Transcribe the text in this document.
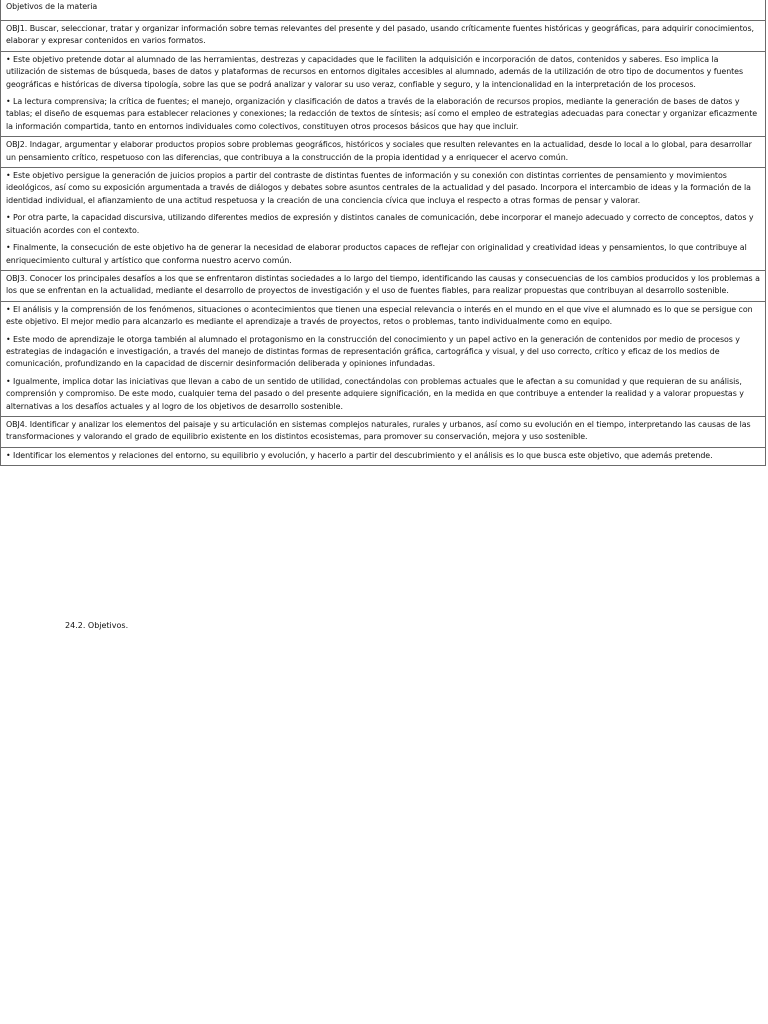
Objetivos de la materia

OBJ1. Buscar, seleccionar, tratar y organizar información sobre temas relevantes del presente y del pasado, usando críticamente fuentes históricas y geográficas, para adquirir conocimientos, elaborar y expresar contenidos en varios formatos.

• Este objetivo pretende dotar al alumnado de las herramientas, destrezas y capacidades que le faciliten la adquisición e incorporación de datos, contenidos y saberes. Eso implica la utilización de sistemas de búsqueda, bases de datos y plataformas de recursos en entornos digitales accesibles al alumnado, además de la utilización de otro tipo de documentos y fuentes geográficas e históricas de diversa tipología, sobre las que se podrá analizar y valorar su uso veraz, confiable y seguro, y la intencionalidad en la interpretación de los procesos.

• La lectura comprensiva; la crítica de fuentes; el manejo, organización y clasificación de datos a través de la elaboración de recursos propios, mediante la generación de bases de datos y tablas; el diseño de esquemas para establecer relaciones y conexiones; la redacción de textos de síntesis; así como el empleo de estrategias adecuadas para conectar y organizar eficazmente la información compartida, tanto en entornos individuales como colectivos, constituyen otros procesos básicos que hay que incluir.

OBJ2. Indagar, argumentar y elaborar productos propios sobre problemas geográficos, históricos y sociales que resulten relevantes en la actualidad, desde lo local a lo global, para desarrollar un pensamiento crítico, respetuoso con las diferencias, que contribuya a la construcción de la propia identidad y a enriquecer el acervo común.

• Este objetivo persigue la generación de juicios propios a partir del contraste de distintas fuentes de información y su conexión con distintas corrientes de pensamiento y movimientos ideológicos, así como su exposición argumentada a través de diálogos y debates sobre asuntos centrales de la actualidad y del pasado. Incorpora el intercambio de ideas y la formación de la identidad individual, el afianzamiento de una actitud respetuosa y la creación de una conciencia cívica que incluya el respecto a otras formas de pensar y valorar.

• Por otra parte, la capacidad discursiva, utilizando diferentes medios de expresión y distintos canales de comunicación, debe incorporar el manejo adecuado y correcto de conceptos, datos y situación acordes con el contexto.

• Finalmente, la consecución de este objetivo ha de generar la necesidad de elaborar productos capaces de reflejar con originalidad y creatividad ideas y pensamientos, lo que contribuye al enriquecimiento cultural y artístico que conforma nuestro acervo común.

OBJ3. Conocer los principales desafíos a los que se enfrentaron distintas sociedades a lo largo del tiempo, identificando las causas y consecuencias de los cambios producidos y los problemas a los que se enfrentan en la actualidad, mediante el desarrollo de proyectos de investigación y el uso de fuentes fiables, para realizar propuestas que contribuyan al desarrollo sostenible.

• El análisis y la comprensión de los fenómenos, situaciones o acontecimientos que tienen una especial relevancia o interés en el mundo en el que vive el alumnado es lo que se persigue con este objetivo. El mejor medio para alcanzarlo es mediante el aprendizaje a través de proyectos, retos o problemas, tanto individualmente como en equipo.

• Este modo de aprendizaje le otorga también al alumnado el protagonismo en la construcción del conocimiento y un papel activo en la generación de contenidos por medio de procesos y estrategias de indagación e investigación, a través del manejo de distintas formas de representación gráfica, cartográfica y visual, y del uso correcto, crítico y eficaz de los medios de comunicación, profundizando en la capacidad de discernir desinformación deliberada y opiniones infundadas.

• Igualmente, implica dotar las iniciativas que llevan a cabo de un sentido de utilidad, conectándolas con problemas actuales que le afectan a su comunidad y que requieran de su análisis, comprensión y compromiso. De este modo, cualquier tema del pasado o del presente adquiere significación, en la medida en que contribuye a entender la realidad y a valorar propuestas y alternativas a los desafíos actuales y al logro de los objetivos de desarrollo sostenible.

OBJ4. Identificar y analizar los elementos del paisaje y su articulación en sistemas complejos naturales, rurales y urbanos, así como su evolución en el tiempo, interpretando las causas de las transformaciones y valorando el grado de equilibrio existente en los distintos ecosistemas, para promover su conservación, mejora y uso sostenible.

• Identificar los elementos y relaciones del entorno, su equilibrio y evolución, y hacerlo a partir del descubrimiento y el análisis es lo que busca este objetivo, que además pretende.

24.2. Objetivos.
